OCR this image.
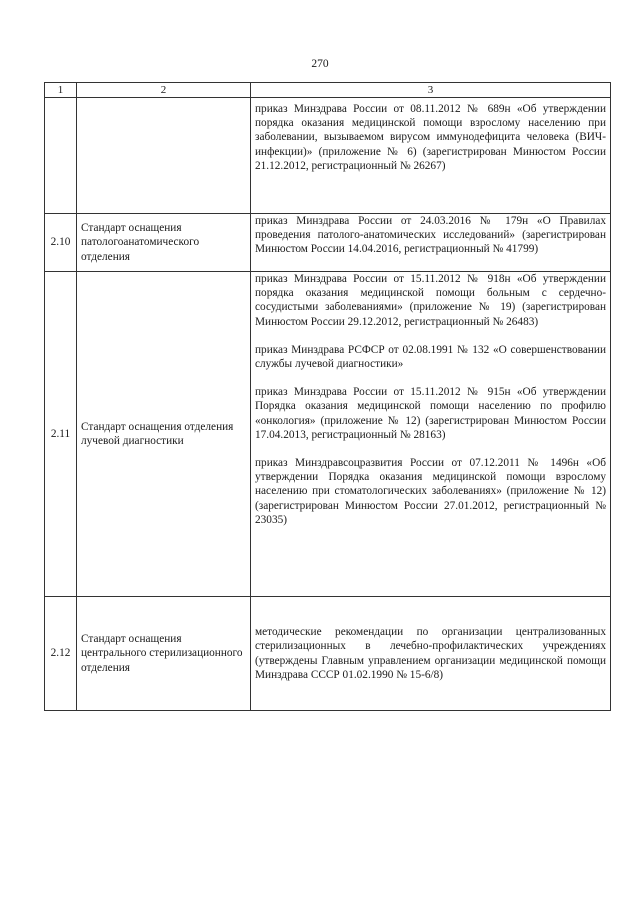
270
1	2	3

		приказ Минздрава России от 08.11.2012 № 689н «Об утверждении порядка оказания медицинской помощи взрослому населению при заболевании, вызываемом вирусом иммунодефицита человека (ВИЧ-инфекции)» (приложение № 6) (зарегистрирован Минюстом России 21.12.2012, регистрационный № 26267)

2.10	Стандарт оснащения патологоанатомического отделения	приказ Минздрава России от 24.03.2016 № 179н «О Правилах проведения патолого-анатомических исследований» (зарегистрирован Минюстом России 14.04.2016, регистрационный № 41799)

2.11	Стандарт оснащения отделения лучевой диагностики	приказ Минздрава России от 15.11.2012 № 918н «Об утверждении порядка оказания медицинской помощи больным с сердечно-сосудистыми заболеваниями» (приложение № 19) (зарегистрирован Минюстом России 29.12.2012, регистрационный № 26483)

приказ Минздрава РСФСР от 02.08.1991 № 132 «О совершенствовании службы лучевой диагностики»

приказ Минздрава России от 15.11.2012 № 915н «Об утверждении Порядка оказания медицинской помощи населению по профилю «онкология» (приложение № 12) (зарегистрирован Минюстом России 17.04.2013, регистрационный № 28163)

приказ Минздравсоцразвития России от 07.12.2011 № 1496н «Об утверждении Порядка оказания медицинской помощи взрослому населению при стоматологических заболеваниях» (приложение № 12) (зарегистрирован Минюстом России 27.01.2012, регистрационный № 23035)

2.12	Стандарт оснащения центрального стерилизационного отделения	методические рекомендации по организации централизованных стерилизационных в лечебно-профилактических учреждениях (утверждены Главным управлением организации медицинской помощи Минздрава СССР 01.02.1990 № 15-6/8)
